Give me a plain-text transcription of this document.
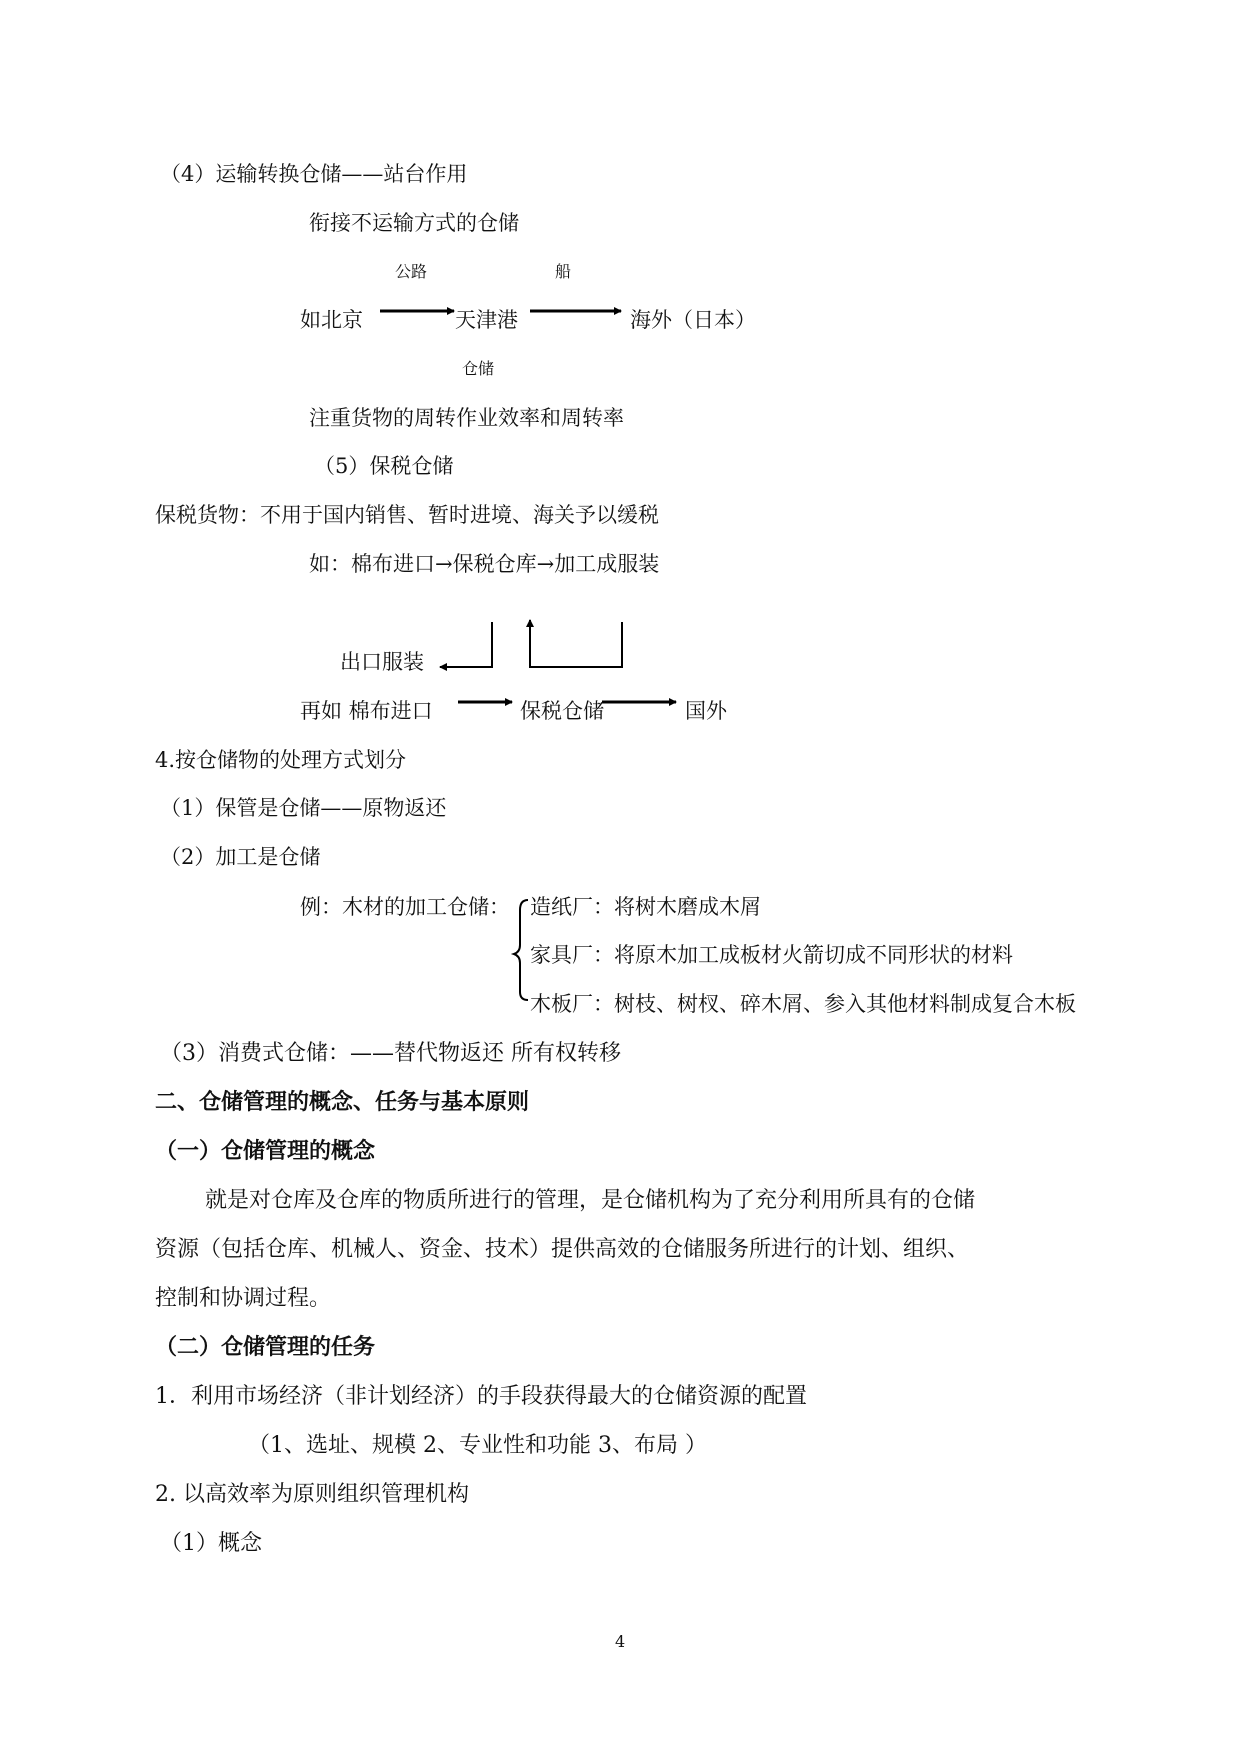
（4）运输转换仓储——站台作用
衔接不运输方式的仓储
公路	船
如北京	天津港	海外（日本）
仓储
注重货物的周转作业效率和周转率
（5）保税仓储
保税货物：不用于国内销售、暂时进境、海关予以缓税
如：棉布进口→保税仓库→加工成服装
出口服装
再如 棉布进口	保税仓储	国外
4.按仓储物的处理方式划分
（1）保管是仓储——原物返还
（2）加工是仓储
例：木材的加工仓储： 造纸厂：将树木磨成木屑
家具厂：将原木加工成板材火箭切成不同形状的材料
木板厂：树枝、树杈、碎木屑、参入其他材料制成复合木板
（3）消费式仓储：——替代物返还 所有权转移
二、仓储管理的概念、任务与基本原则
（一）仓储管理的概念
就是对仓库及仓库的物质所进行的管理，是仓储机构为了充分利用所具有的仓储
资源（包括仓库、机械人、资金、技术）提供高效的仓储服务所进行的计划、组织、
控制和协调过程。
（二）仓储管理的任务
1．利用市场经济（非计划经济）的手段获得最大的仓储资源的配置
（1、选址、规模 2、专业性和功能 3、布局 ）
2. 以高效率为原则组织管理机构
（1）概念
4
